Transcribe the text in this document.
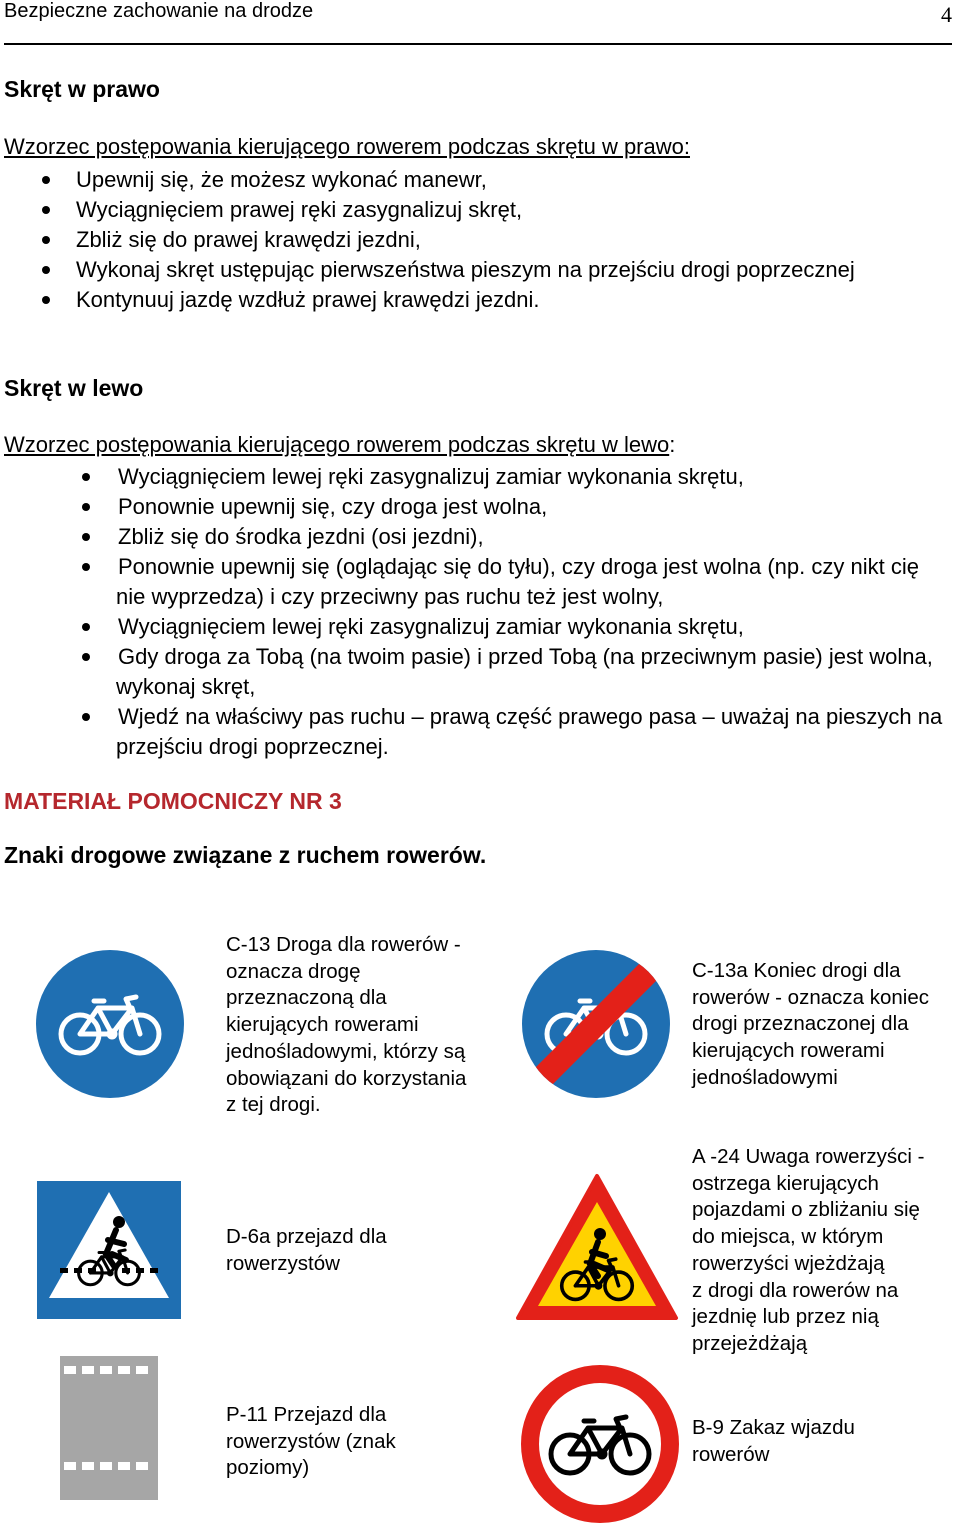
Bezpieczne zachowanie na drodze	4
Skręt w prawo
Wzorzec postępowania kierującego rowerem podczas skrętu w prawo:
Upewnij się, że możesz wykonać manewr,
Wyciągnięciem prawej ręki zasygnalizuj skręt,
Zbliż się do prawej krawędzi jezdni,
Wykonaj skręt ustępując pierwszeństwa pieszym na przejściu drogi poprzecznej
Kontynuuj jazdę wzdłuż prawej krawędzi jezdni.
Skręt w lewo
Wzorzec postępowania kierującego rowerem podczas skrętu w lewo:
Wyciągnięciem lewej ręki zasygnalizuj zamiar wykonania skrętu,
Ponownie upewnij się, czy droga jest wolna,
Zbliż się do środka jezdni (osi jezdni),
Ponownie upewnij się (oglądając się do tyłu), czy droga jest wolna (np. czy nikt cię nie wyprzedza) i czy przeciwny pas ruchu też jest wolny,
Wyciągnięciem lewej ręki zasygnalizuj zamiar wykonania skrętu,
Gdy droga za Tobą (na twoim pasie) i przed Tobą (na przeciwnym pasie) jest wolna, wykonaj skręt,
Wjedź na właściwy pas ruchu – prawą część prawego pasa – uważaj na pieszych na przejściu drogi poprzecznej.
MATERIAŁ POMOCNICZY NR 3
Znaki drogowe związane z ruchem rowerów.
C-13 Droga dla rowerów -
oznacza drogę
przeznaczoną dla
kierujących rowerami
jednośladowymi, którzy są
obowiązani do korzystania
z tej drogi.
C-13a Koniec drogi dla
rowerów - oznacza koniec
drogi przeznaczonej dla
kierujących rowerami
jednośladowymi
D-6a przejazd dla
rowerzystów
A -24 Uwaga rowerzyści -
ostrzega kierujących
pojazdami o zbliżaniu się
do miejsca, w którym
rowerzyści wjeżdżają
z drogi dla rowerów na
jezdnię lub przez nią
przejeżdżają
P-11 Przejazd dla
rowerzystów (znak
poziomy)
B-9 Zakaz wjazdu
rowerów
